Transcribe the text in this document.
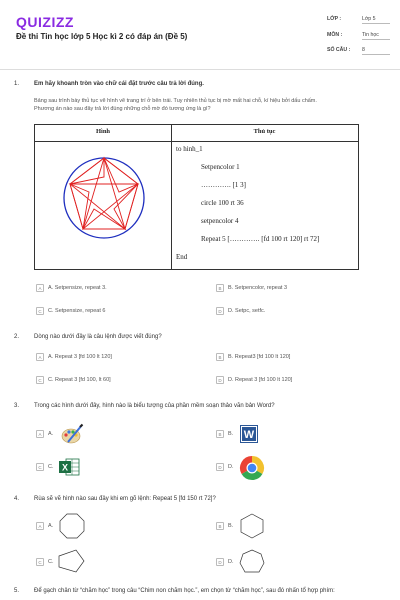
QUIZIZZ
Đề thi Tin học lớp 5 Học kì 2 có đáp án (Đề 5)
LỚP :	Lớp 5
MÔN :	Tin học
SỐ CÂU : 8
1. Em hãy khoanh tròn vào chữ cái đặt trước câu trả lời đúng.
Bảng sau trình bày thủ tục vẽ hình vẽ trang trí ở bên trái. Tuy nhiên thủ tục bị mờ mất hai chỗ, kí hiệu bởi dấu chấm.
Phương án nào sau đây trả lời đúng những chỗ mờ đó tương ứng là gì?
Hình	Thủ tục
to hinh_1
Setpencolor 1
…………. [1 3]
circle 100 rt 36
setpencolor 4
Repeat 5 […………. [fd 100 rt 120] rt 72]
End
A	A. Setpensize, repeat 3.	B	B. Setpencolor, repeat 3
C	C. Setpensize, repeat 6	D	D. Setpc, setfc.
2. Dòng nào dưới đây là câu lệnh được viết đúng?
A	A. Repeat 3 [fd 100 lt 120]	B	B. Repeat3 [fd 100 lt 120]
C	C. Repeat 3 [fd 100, lt 60]	D	D. Repeat 3 [fd 100 lt 120]
3. Trong các hình dưới đây, hình nào là biểu tượng của phần mềm soạn thảo văn bản Word?
A	A.	B	B. W
C	C. X	D	D.
4. Rùa sẽ vẽ hình nào sau đây khi em gõ lệnh: Repeat 5 [fd 150 rt 72]?
A	A.	B	B.
C	C.	D	D.
5. Để gạch chân từ “chăm học” trong câu “Chim non chăm học.”, em chọn từ “chăm học”, sau đó nhấn tổ hợp phím:
